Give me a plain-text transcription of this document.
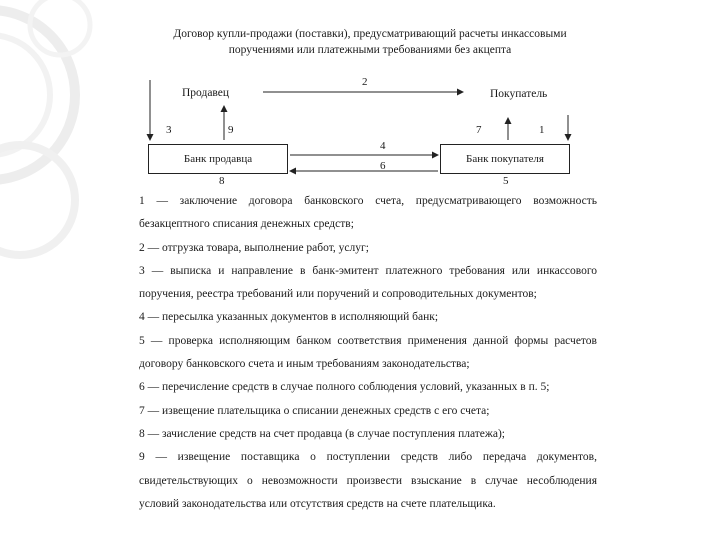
Договор купли-продажи (поставки), предусматривающий расчеты инкассовыми поручениями или платежными требованиями без акцепта
Продавец	Покупатель
2
3	9	7	1
4
6
8	5
Банк продавца	Банк покупателя

1 — заключение договора банковского счета, предусматривающего возможность безакцептного списания денежных средств;

2 — отгрузка товара, выполнение работ, услуг;

3 — выписка и направление в банк-эмитент платежного требования или инкассового поручения, реестра требований или поручений и сопроводительных документов;

4 — пересылка указанных документов в исполняющий банк;

5 — проверка исполняющим банком соответствия применения данной формы расчетов договору банковского счета и иным требованиям законодательства;

6 — перечисление средств в случае полного соблюдения условий, указанных в п. 5;

7 — извещение плательщика о списании денежных средств с его счета;

8 — зачисление средств на счет продавца (в случае поступления платежа);

9 — извещение поставщика о поступлении средств либо передача документов, свидетельствующих о невозможности произвести взыскание в случае несоблюдения условий законодательства или отсутствия средств на счете плательщика.
